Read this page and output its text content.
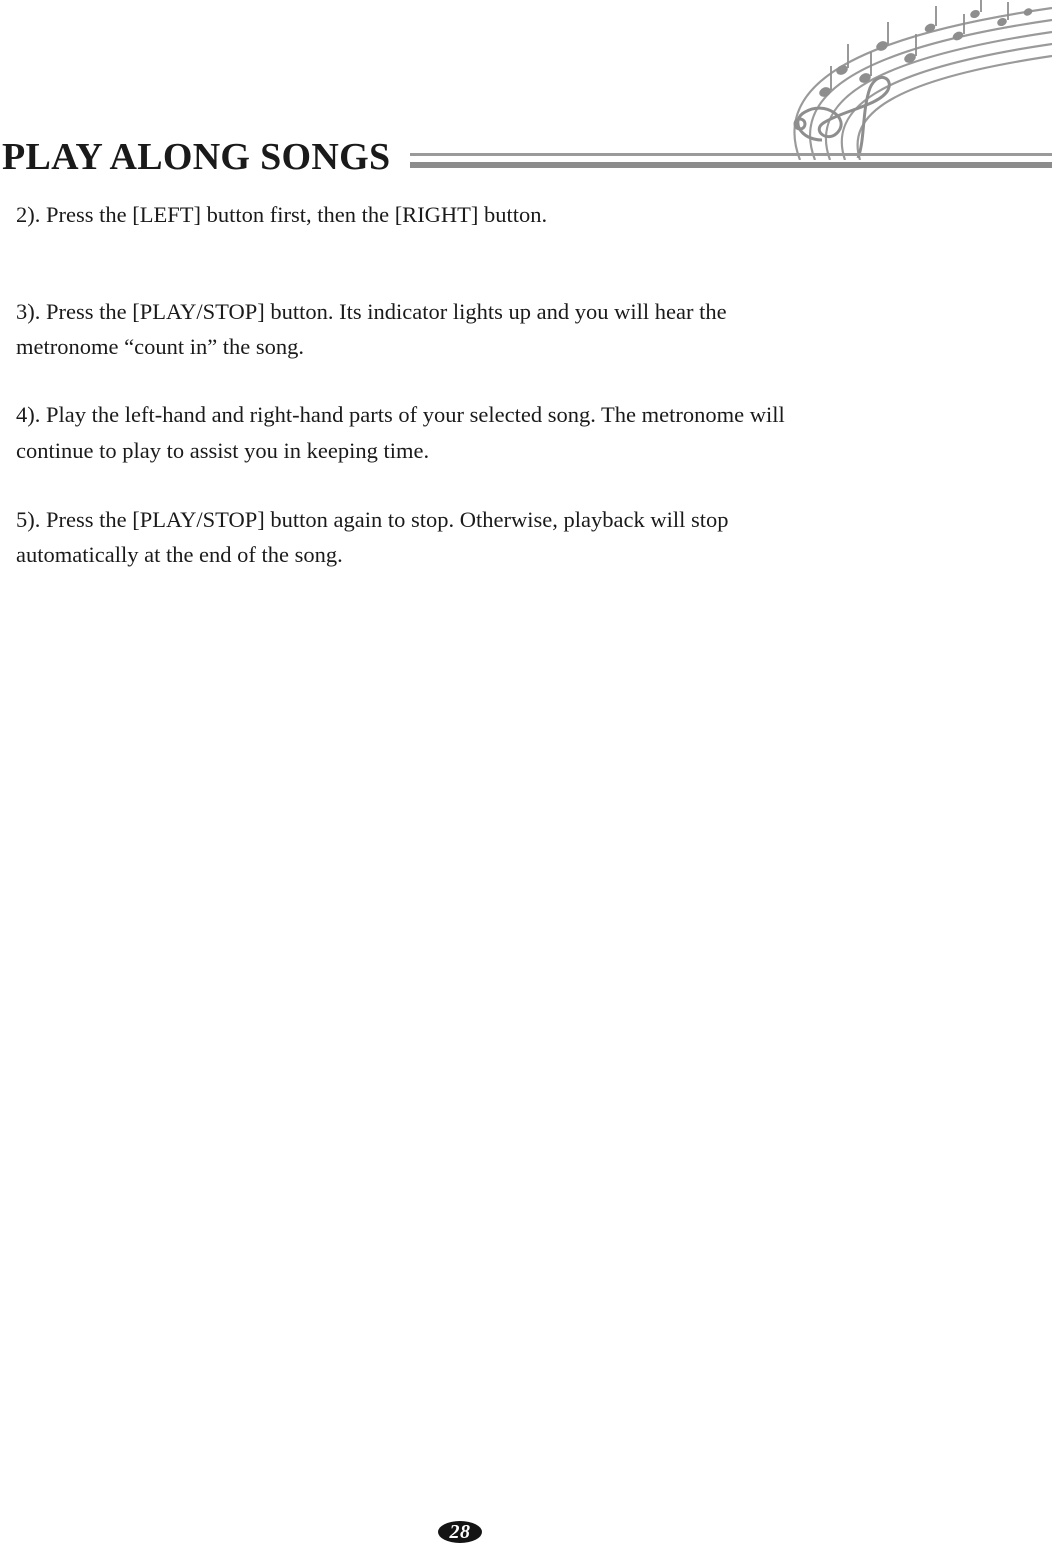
PLAY ALONG SONGS

2). Press the [LEFT] button first, then the [RIGHT] button.

3). Press the [PLAY/STOP] button. Its indicator lights up and you will hear the

metronome “count in” the song.

4). Play the left-hand and right-hand parts of your selected song. The metronome will

continue to play to assist you in keeping time.

5). Press the [PLAY/STOP] button again to stop. Otherwise, playback will stop

automatically at the end of the song.

28
